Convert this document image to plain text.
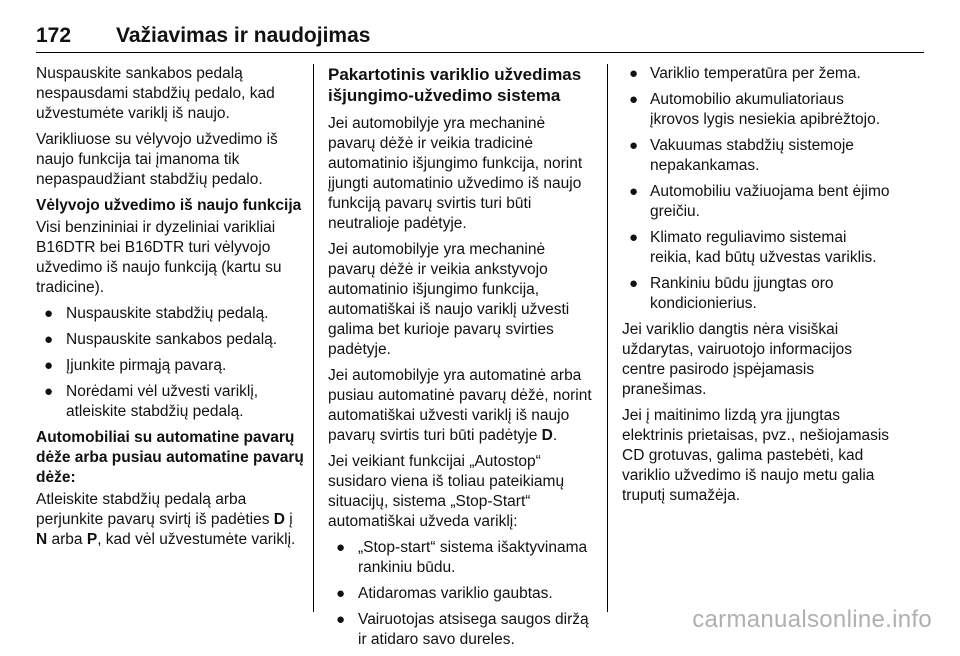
172 Važiavimas ir naudojimas

Nuspauskite sankabos pedalą nespausdami stabdžių pedalo, kad užvestumėte variklį iš naujo.

Varikliuose su vėlyvojo užvedimo iš naujo funkcija tai įmanoma tik nepaspaudžiant stabdžių pedalo.

Vėlyvojo užvedimo iš naujo funkcija

Visi benzininiai ir dyzeliniai varikliai B16DTR bei B16DTR turi vėlyvojo užvedimo iš naujo funkciją (kartu su tradicine).

● Nuspauskite stabdžių pedalą.
● Nuspauskite sankabos pedalą.
● Įjunkite pirmąją pavarą.
● Norėdami vėl užvesti variklį, atleiskite stabdžių pedalą.

Automobiliai su automatine pavarų dėže arba pusiau automatine pavarų dėže:

Atleiskite stabdžių pedalą arba perjunkite pavarų svirtį iš padėties D į N arba P, kad vėl užvestumėte variklį.

Pakartotinis variklio užvedimas išjungimo-užvedimo sistema

Jei automobilyje yra mechaninė pavarų dėžė ir veikia tradicinė automatinio išjungimo funkcija, norint įjungti automatinio užvedimo iš naujo funkciją pavarų svirtis turi būti neutralioje padėtyje.

Jei automobilyje yra mechaninė pavarų dėžė ir veikia ankstyvojo automatinio išjungimo funkcija, automatiškai iš naujo variklį užvesti galima bet kurioje pavarų svirties padėtyje.

Jei automobilyje yra automatinė arba pusiau automatinė pavarų dėžė, norint automatiškai užvesti variklį iš naujo pavarų svirtis turi būti padėtyje D.

Jei veikiant funkcijai „Autostop“ susidaro viena iš toliau pateikiamų situacijų, sistema „Stop-Start“ automatiškai užveda variklį:

● „Stop-start“ sistema išaktyvinama rankiniu būdu.
● Atidaromas variklio gaubtas.
● Vairuotojas atsisega saugos diržą ir atidaro savo dureles.
● Variklio temperatūra per žema.
● Automobilio akumuliatoriaus įkrovos lygis nesiekia apibrėžtojo.
● Vakuumas stabdžių sistemoje nepakankamas.
● Automobiliu važiuojama bent ėjimo greičiu.
● Klimato reguliavimo sistemai reikia, kad būtų užvestas variklis.
● Rankiniu būdu įjungtas oro kondicionierius.

Jei variklio dangtis nėra visiškai uždarytas, vairuotojo informacijos centre pasirodo įspėjamasis pranešimas.

Jei į maitinimo lizdą yra įjungtas elektrinis prietaisas, pvz., nešiojamasis CD grotuvas, galima pastebėti, kad variklio užvedimo iš naujo metu galia truputį sumažėja.

carmanualsonline.info
